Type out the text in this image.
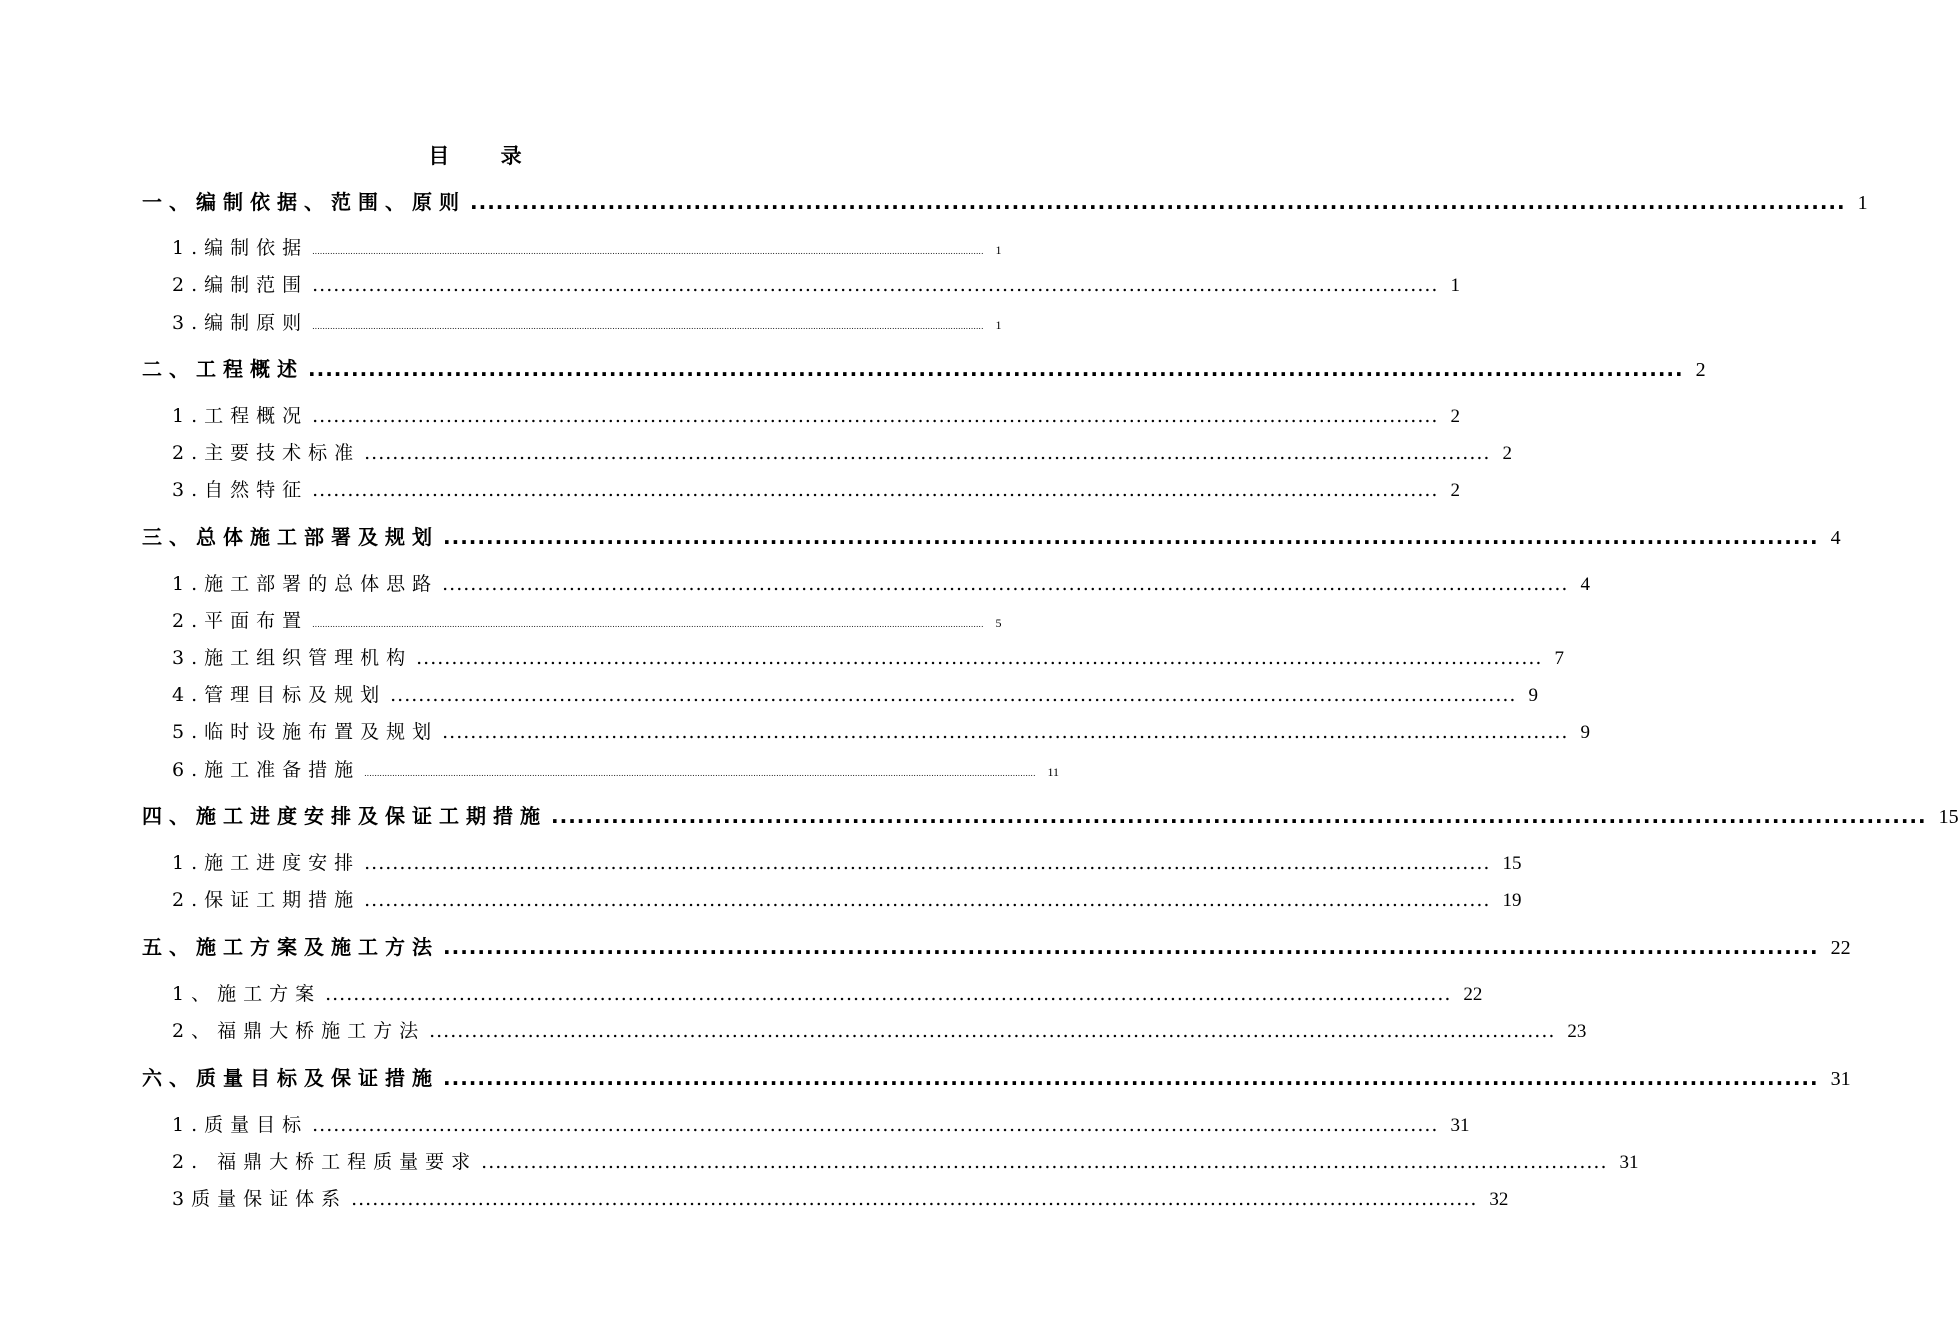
目 录
一、编制依据、范围、原则 ................................................................................................................................................................ 1
1.编制依据 ........................................................................................................................................................................................................................................................................ 1
2.编制范围 ................................................................................................................................................................ 1
3.编制原则 ........................................................................................................................................................................................................................................................................ 1
二、工程概述 ................................................................................................................................................................ 2
1.工程概况 ................................................................................................................................................................ 2
2.主要技术标准 ................................................................................................................................................................ 2
3.自然特征 ................................................................................................................................................................ 2
三、总体施工部署及规划 ................................................................................................................................................................ 4
1.施工部署的总体思路 ................................................................................................................................................................ 4
2.平面布置 ........................................................................................................................................................................................................................................................................ 5
3.施工组织管理机构 ................................................................................................................................................................ 7
4.管理目标及规划 ................................................................................................................................................................ 9
5.临时设施布置及规划 ................................................................................................................................................................ 9
6.施工准备措施 ........................................................................................................................................................................................................................................................................ 11
四、施工进度安排及保证工期措施 ................................................................................................................................................................ 15
1.施工进度安排 ................................................................................................................................................................ 15
2.保证工期措施 ................................................................................................................................................................ 19
五、施工方案及施工方法 ................................................................................................................................................................ 22
1、施工方案 ................................................................................................................................................................ 22
2、福鼎大桥施工方法 ................................................................................................................................................................ 23
六、质量目标及保证措施 ................................................................................................................................................................ 31
1.质量目标 ................................................................................................................................................................ 31
2. 福鼎大桥工程质量要求 ................................................................................................................................................................ 31
3质量保证体系 ................................................................................................................................................................ 32
